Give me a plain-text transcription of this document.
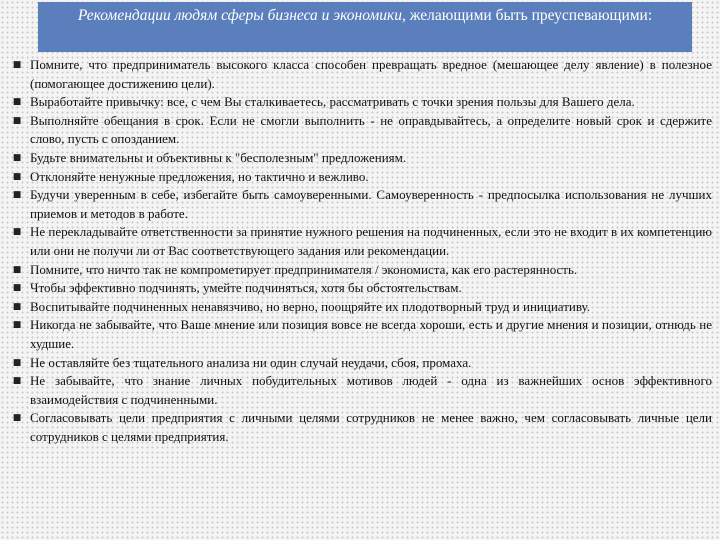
Рекомендации людям сферы бизнеса и экономики, желающими быть преуспевающими:
■ Помните, что предприниматель высокого класса способен превращать вредное (мешающее делу явление) в полезное (помогающее достижению цели).
■ Выработайте привычку: все, с чем Вы сталкиваетесь, рассматривать с точки зрения пользы для Вашего дела.
■ Выполняйте обещания в срок. Если не смогли выполнить - не оправдывайтесь, а определите новый срок и сдержите слово, пусть с опозданием.
■ Будьте внимательны и объективны к "бесполезным" предложениям.
■ Отклоняйте ненужные предложения, но тактично и вежливо.
■ Будучи уверенным в себе, избегайте быть самоуверенными. Самоуверенность - предпосылка использования не лучших приемов и методов в работе.
■ Не перекладывайте ответственности за принятие нужного решения на подчиненных, если это не входит в их компетенцию или они не получи ли от Вас соответствующего задания или рекомендации.
■ Помните, что ничто так не компрометирует предпринимателя / экономиста, как его растерянность.
■ Чтобы эффективно подчинять, умейте подчиняться, хотя бы обстоятельствам.
■ Воспитывайте подчиненных ненавязчиво, но верно, поощряйте их плодотворный труд и инициативу.
■ Никогда не забывайте, что Ваше мнение или позиция вовсе не всегда хороши, есть и другие мнения и позиции, отнюдь не худшие.
■ Не оставляйте без тщательного анализа ни один случай неудачи, сбоя, промаха.
■ Не забывайте, что знание личных побудительных мотивов людей - одна из важнейших основ эффективного взаимодействия с подчиненными.
■ Согласовывать цели предприятия с личными целями сотрудников не менее важно, чем согласовывать личные цели сотрудников с целями предприятия.
